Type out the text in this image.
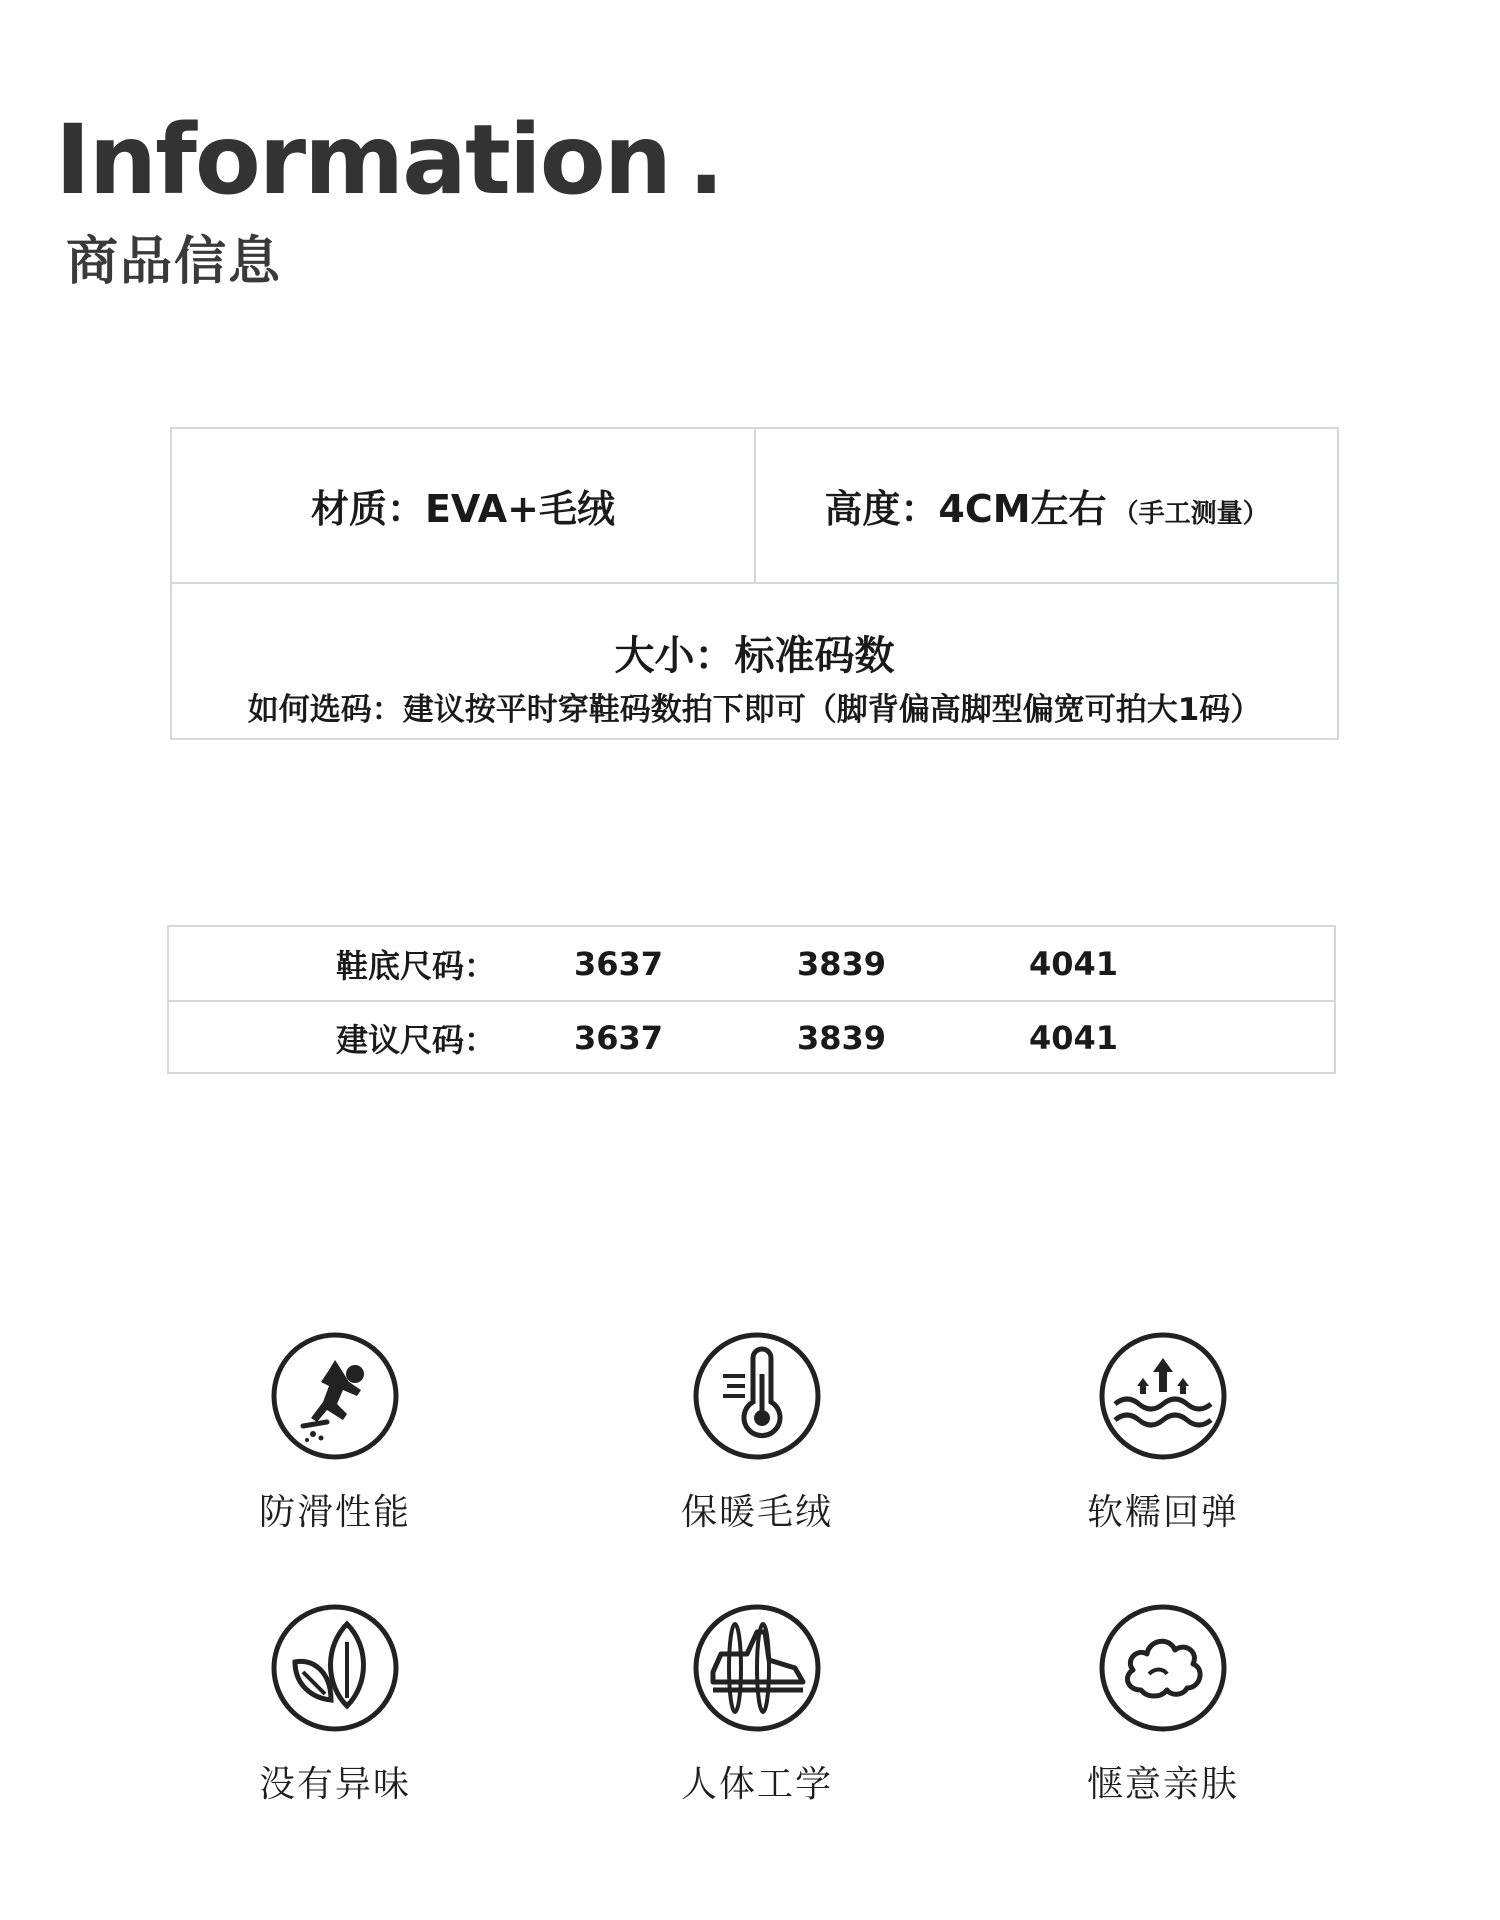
Information .
商品信息
材质：EVA+毛绒	高度：4CM左右 （手工测量）
大小：标准码数
如何选码：建议按平时穿鞋码数拍下即可（脚背偏高脚型偏宽可拍大1码）
鞋底尺码： 3637	3839	4041
建议尺码： 3637	3839	4041
防滑性能	保暖毛绒	软糯回弹
没有异味	人体工学	惬意亲肤
